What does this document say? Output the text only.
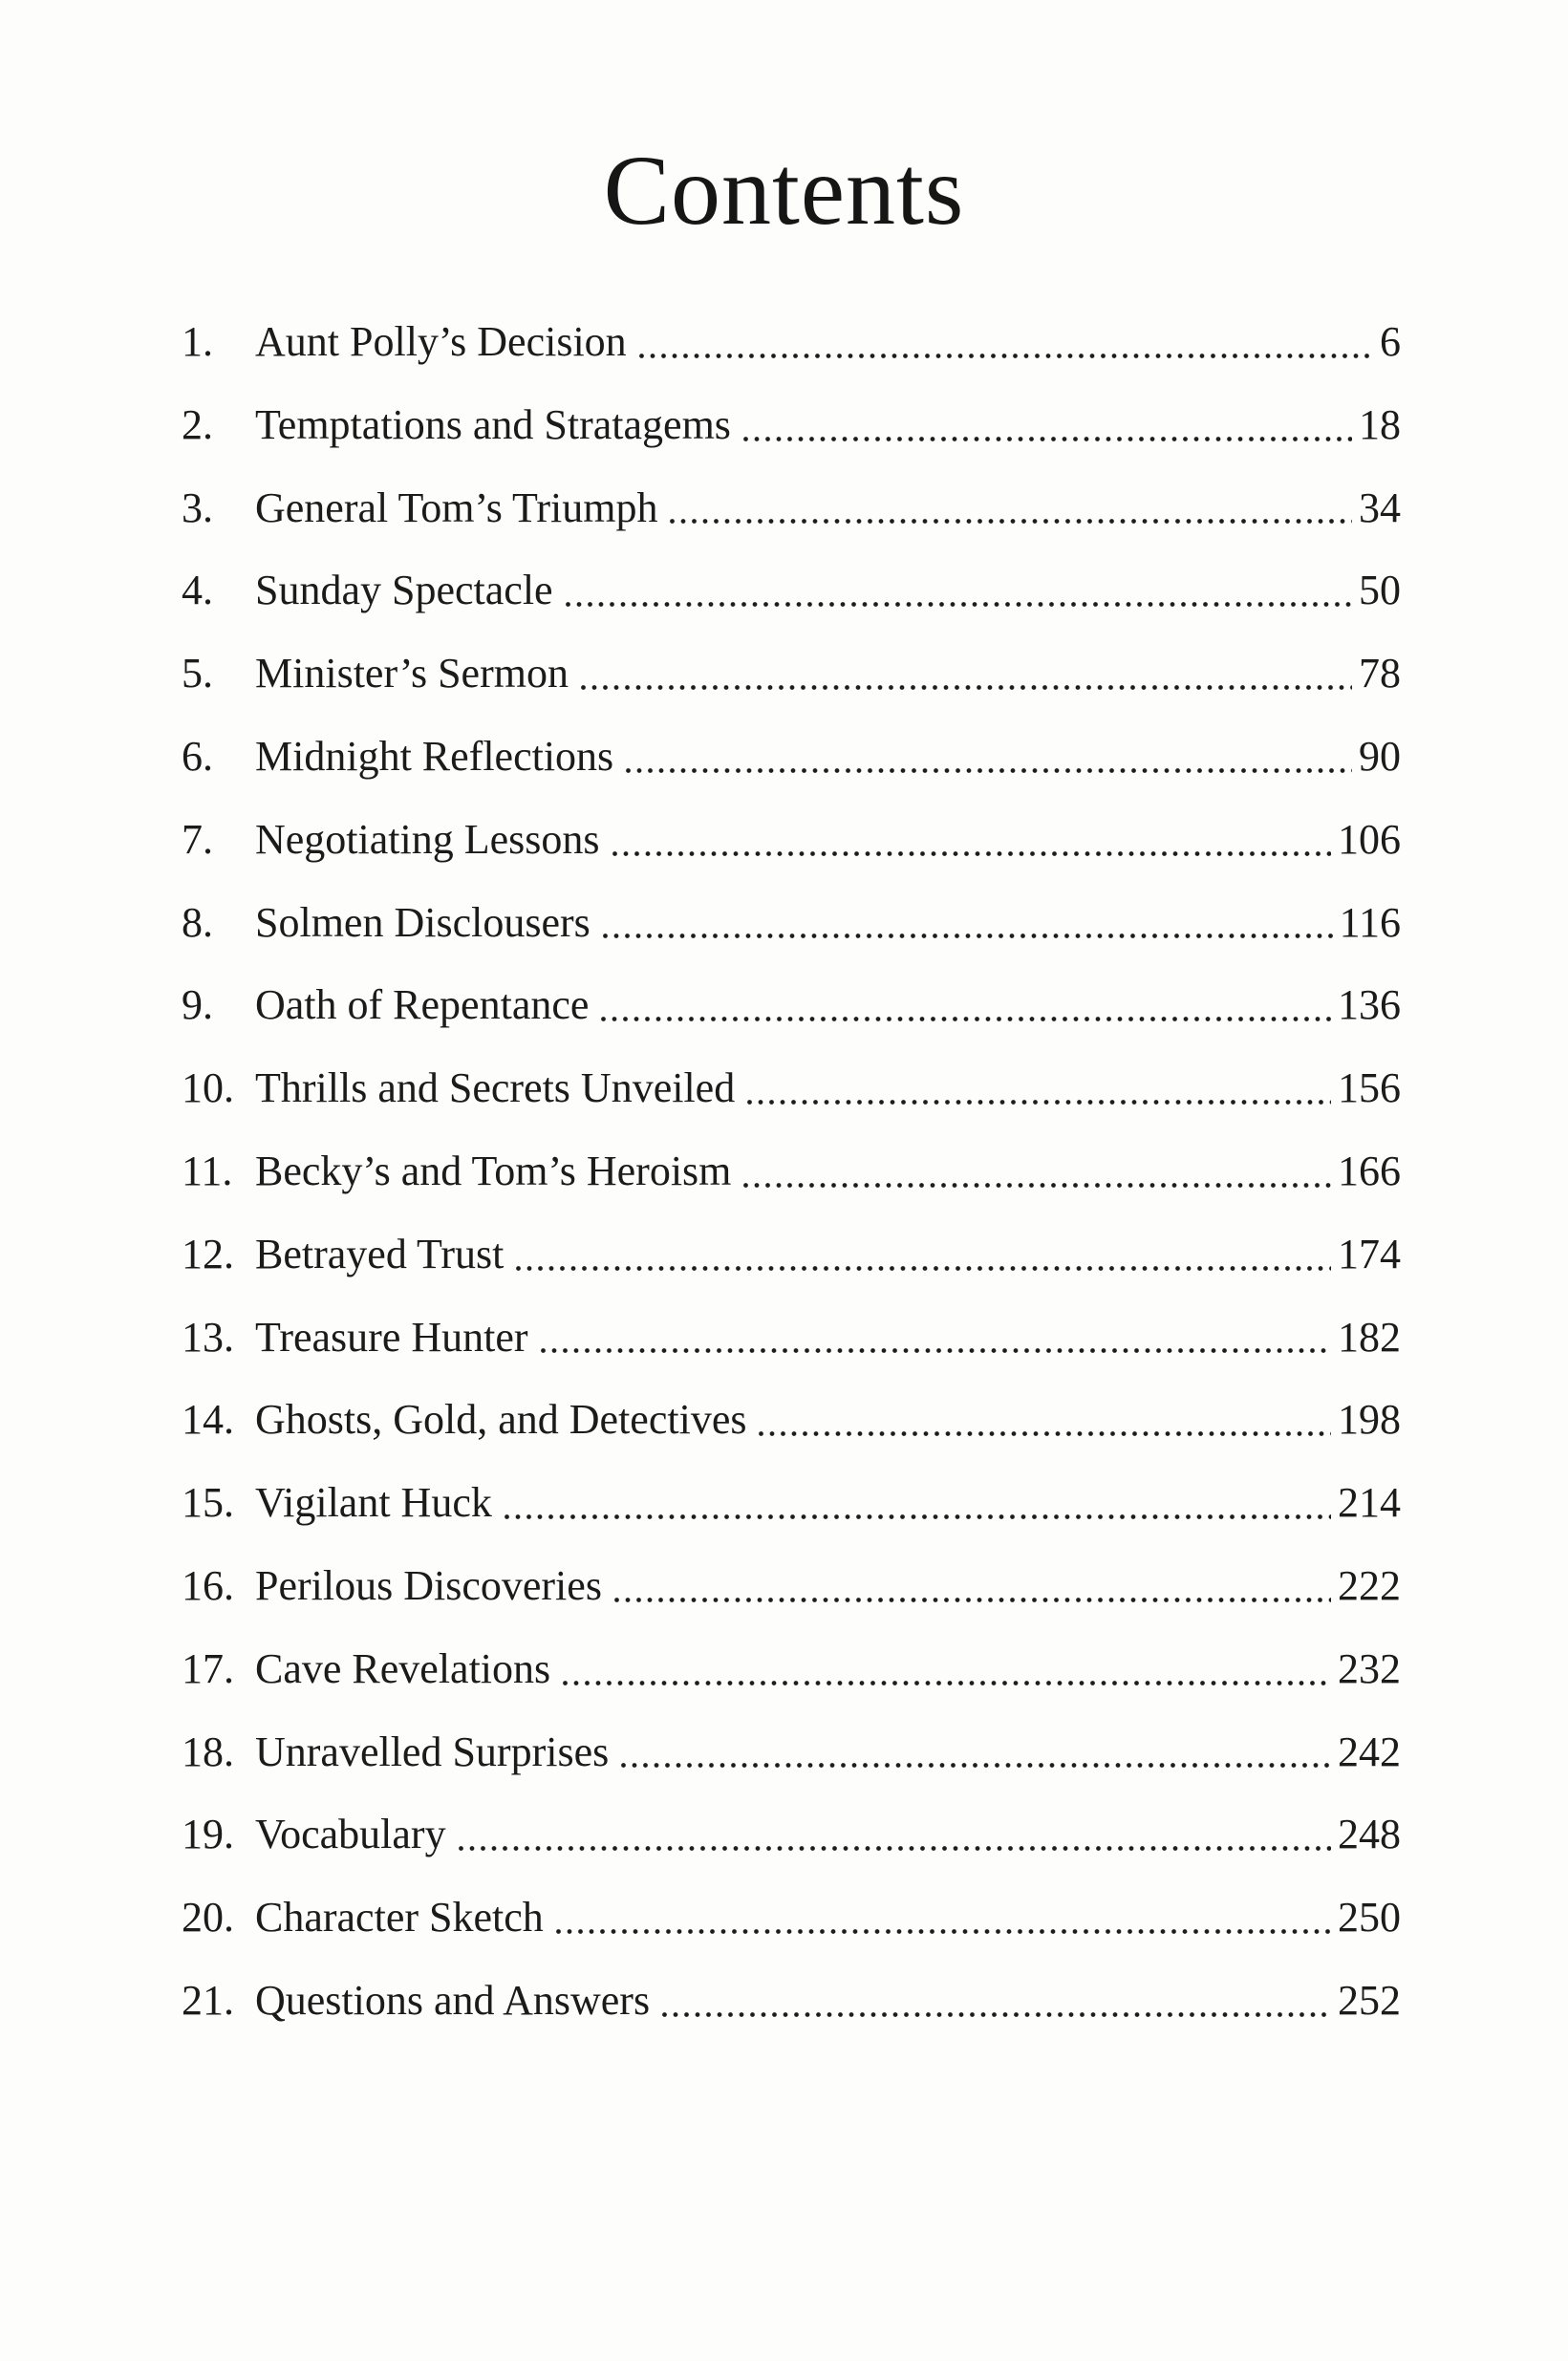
Contents
1.	Aunt Polly’s Decision	6
2.	Temptations and Stratagems	18
3.	General Tom’s Triumph	34
4.	Sunday Spectacle	50
5.	Minister’s Sermon	78
6.	Midnight Reflections	90
7.	Negotiating Lessons	106
8.	Solmen Disclousers	116
9.	Oath of Repentance	136
10. Thrills and Secrets Unveiled	156
11. Becky’s and Tom’s Heroism	166
12. Betrayed Trust	174
13. Treasure Hunter	182
14. Ghosts, Gold, and Detectives	198
15. Vigilant Huck	214
16. Perilous Discoveries	222
17. Cave Revelations	232
18. Unravelled Surprises	242
19. Vocabulary	248
20. Character Sketch	250
21. Questions and Answers	252
